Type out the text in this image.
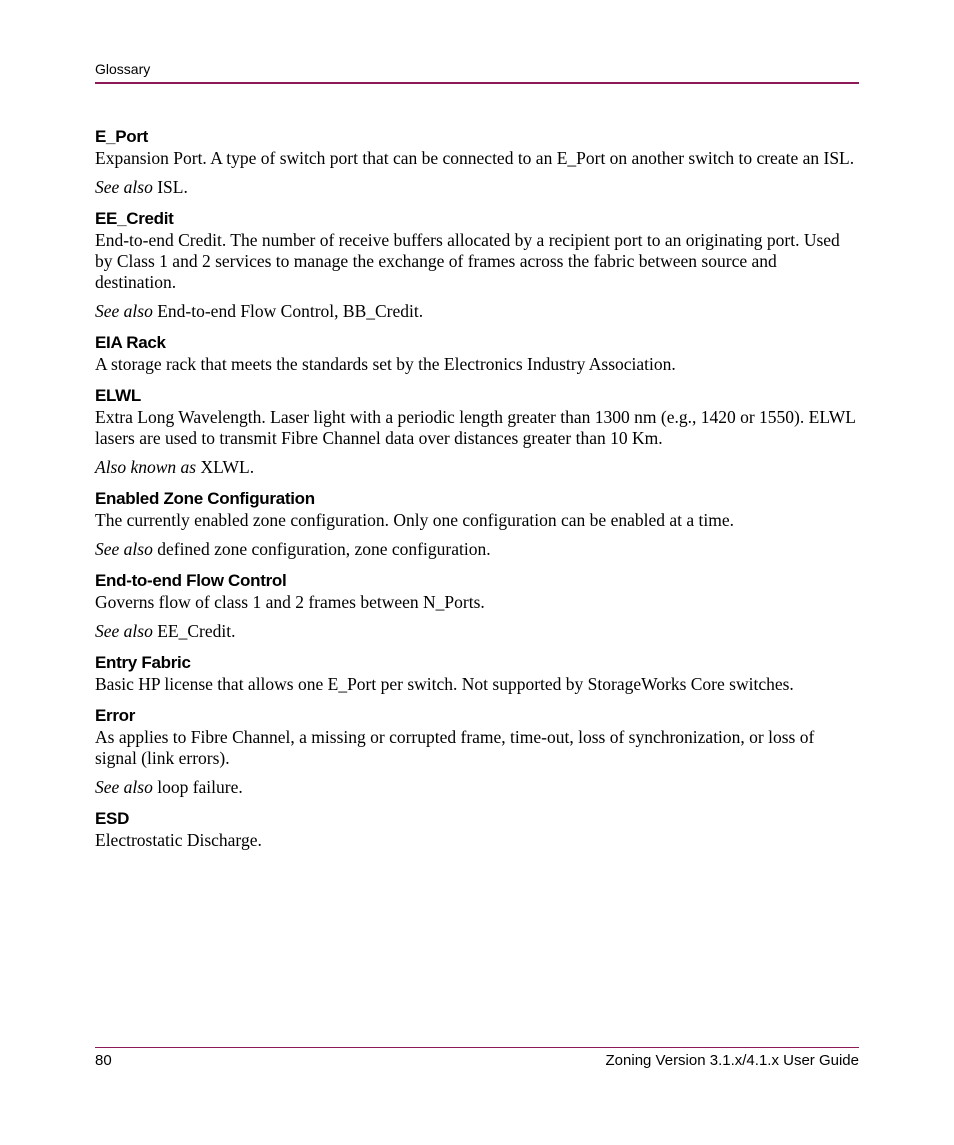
Glossary
E_Port

Expansion Port. A type of switch port that can be connected to an E_Port on another switch to create an ISL.

See also ISL.
EE_Credit

End-to-end Credit. The number of receive buffers allocated by a recipient port to an originating port. Used by Class 1 and 2 services to manage the exchange of frames across the fabric between source and destination.

See also End-to-end Flow Control, BB_Credit.
EIA Rack

A storage rack that meets the standards set by the Electronics Industry Association.

ELWL

Extra Long Wavelength. Laser light with a periodic length greater than 1300 nm (e.g., 1420 or 1550). ELWL lasers are used to transmit Fibre Channel data over distances greater than 10 Km.

Also known as XLWL.
Enabled Zone Configuration

The currently enabled zone configuration. Only one configuration can be enabled at a time.

See also defined zone configuration, zone configuration.
End-to-end Flow Control

Governs flow of class 1 and 2 frames between N_Ports.

See also EE_Credit.
Entry Fabric

Basic HP license that allows one E_Port per switch. Not supported by StorageWorks Core switches.

Error

As applies to Fibre Channel, a missing or corrupted frame, time-out, loss of synchronization, or loss of signal (link errors).

See also loop failure.
ESD

Electrostatic Discharge.

80	Zoning Version 3.1.x/4.1.x User Guide
